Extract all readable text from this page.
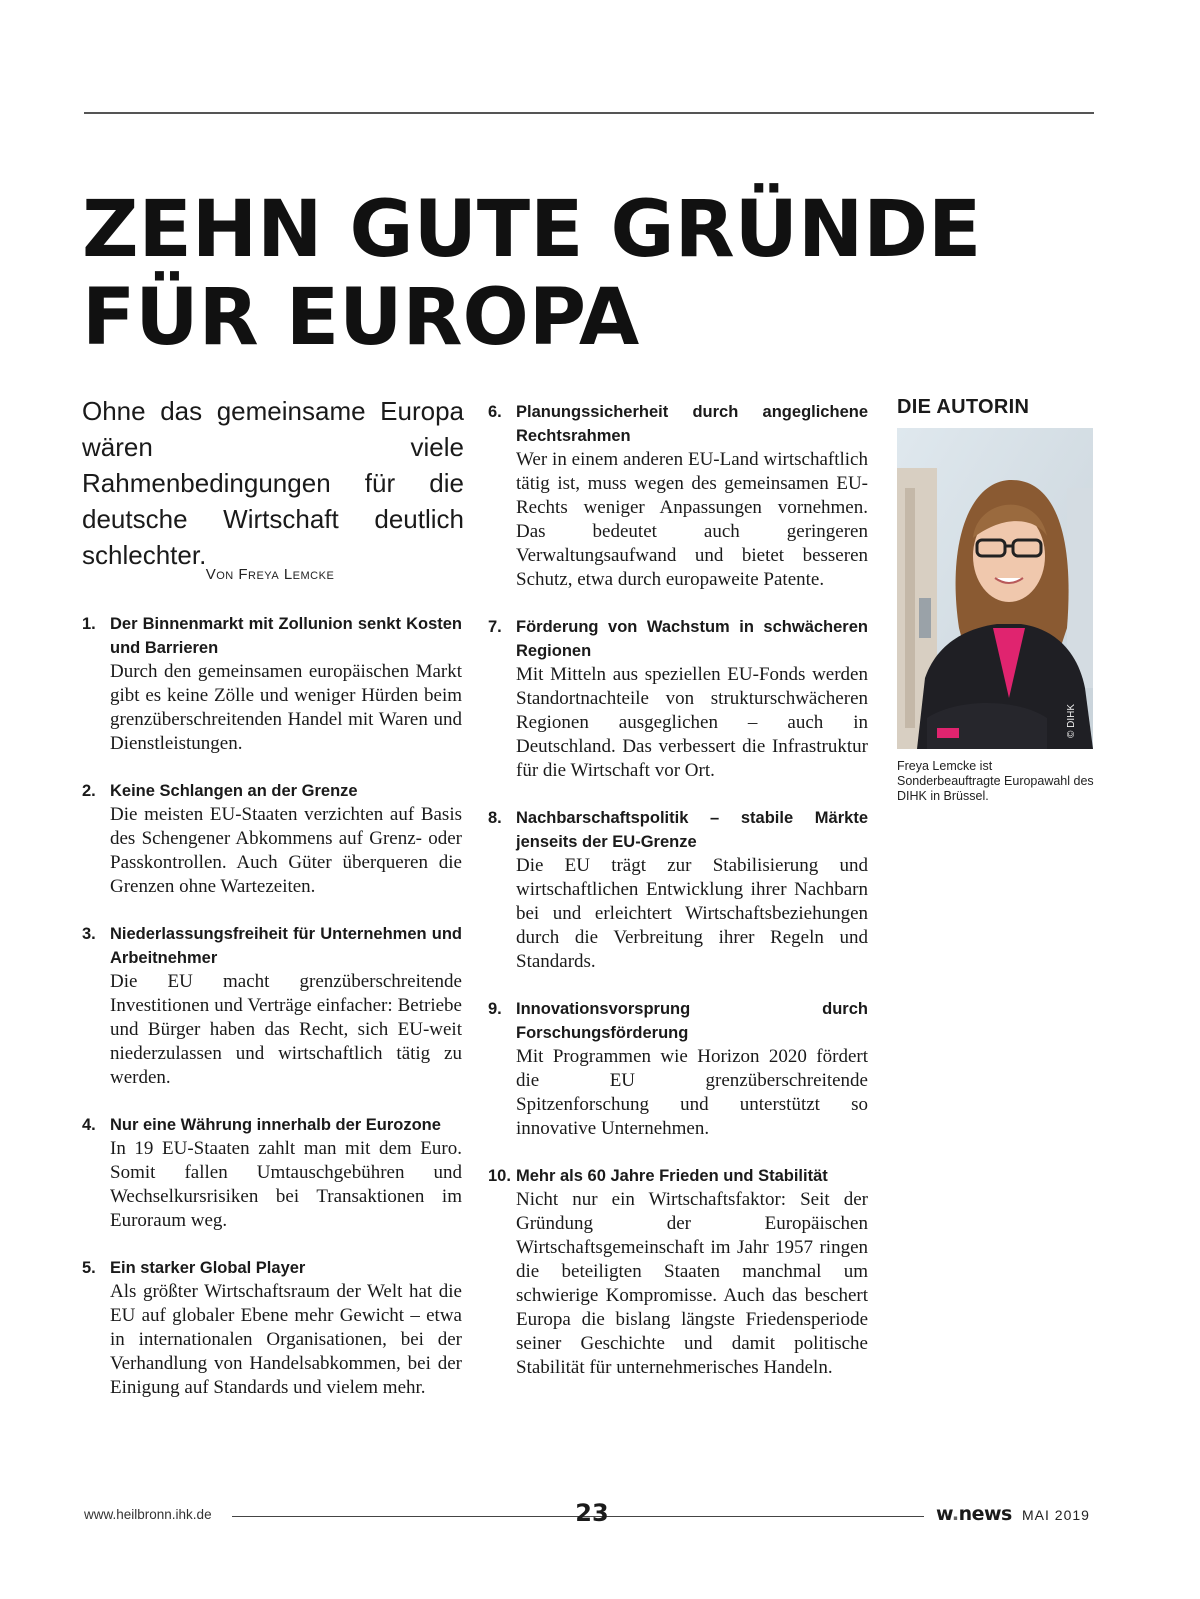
ZEHN GUTE GRÜNDE
FÜR EUROPA

Ohne das gemeinsame Europa wären viele Rahmenbedingungen für die deutsche Wirtschaft deutlich schlechter.

Von Freya Lemcke
1. Der Binnenmarkt mit Zollunion senkt Kosten und Barrieren

Durch den gemeinsamen europäischen Markt gibt es keine Zölle und weniger Hürden beim grenzüberschreitenden Handel mit Waren und Dienstleistungen.

2. Keine Schlangen an der Grenze

Die meisten EU-Staaten verzichten auf Basis des Schengener Abkommens auf Grenz- oder Passkontrollen. Auch Güter überqueren die Grenzen ohne Wartezeiten.

3. Niederlassungsfreiheit für Unternehmen und Arbeitnehmer

Die EU macht grenzüberschreitende Investitionen und Verträge einfacher: Betriebe und Bürger haben das Recht, sich EU-weit niederzulassen und wirtschaftlich tätig zu werden.

4. Nur eine Währung innerhalb der Eurozone

In 19 EU-Staaten zahlt man mit dem Euro. Somit fallen Umtauschgebühren und Wechselkursrisiken bei Transaktionen im Euroraum weg.

5. Ein starker Global Player

Als größter Wirtschaftsraum der Welt hat die EU auf globaler Ebene mehr Gewicht – etwa in internationalen Organisationen, bei der Verhandlung von Handelsabkommen, bei der Einigung auf Standards und vielem mehr.

6. Planungssicherheit durch angeglichene Rechtsrahmen

Wer in einem anderen EU-Land wirtschaftlich tätig ist, muss wegen des gemeinsamen EU-Rechts weniger Anpassungen vornehmen. Das bedeutet auch geringeren Verwaltungsaufwand und bietet besseren Schutz, etwa durch europaweite Patente.

7. Förderung von Wachstum in schwächeren Regionen

Mit Mitteln aus speziellen EU-Fonds werden Standortnachteile von strukturschwächeren Regionen ausgeglichen – auch in Deutschland. Das verbessert die Infrastruktur für die Wirtschaft vor Ort.

8. Nachbarschaftspolitik – stabile Märkte jenseits der EU-Grenze

Die EU trägt zur Stabilisierung und wirtschaftlichen Entwicklung ihrer Nachbarn bei und erleichtert Wirtschaftsbeziehungen durch die Verbreitung ihrer Regeln und Standards.

9. Innovationsvorsprung durch Forschungsförderung

Mit Programmen wie Horizon 2020 fördert die EU grenzüberschreitende Spitzenforschung und unterstützt so innovative Unternehmen.

10. Mehr als 60 Jahre Frieden und Stabilität

Nicht nur ein Wirtschaftsfaktor: Seit der Gründung der Europäischen Wirtschaftsgemeinschaft im Jahr 1957 ringen die beteiligten Staaten manchmal um schwierige Kompromisse. Auch das beschert Europa die bislang längste Friedensperiode seiner Geschichte und damit politische Stabilität für unternehmerisches Handeln.

DIE AUTORIN
© DIHK

Freya Lemcke ist Sonderbeauftragte Europawahl des DIHK in Brüssel.

www.heilbronn.ihk.de	23	w.news MAI 2019
